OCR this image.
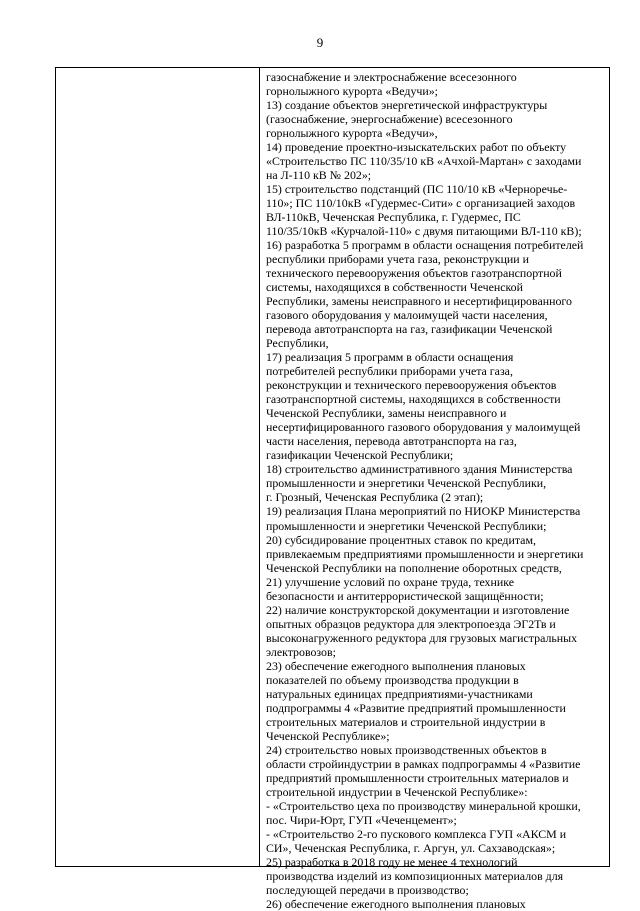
9
газоснабжение и электроснабжение всесезонного
горнолыжного курорта «Ведучи»;
13) создание объектов энергетической инфраструктуры
(газоснабжение, энергоснабжение) всесезонного
горнолыжного курорта «Ведучи»,
14) проведение проектно-изыскательских работ по объекту
«Строительство ПС 110/35/10 кВ «Ачхой-Мартан» с заходами
на Л-110 кВ № 202»;
15) строительство подстанций (ПС 110/10 кВ «Черноречье-
110»; ПС 110/10кВ «Гудермес-Сити» с организацией заходов
ВЛ-110кВ, Чеченская Республика, г. Гудермес, ПС
110/35/10кВ «Курчалой-110» с двумя питающими ВЛ-110 кВ);
16) разработка 5 программ в области оснащения потребителей
республики приборами учета газа, реконструкции и
технического перевооружения объектов газотранспортной
системы, находящихся в собственности Чеченской
Республики, замены неисправного и несертифицированного
газового оборудования у малоимущей части населения,
перевода автотранспорта на газ, газификации Чеченской
Республики,
17) реализация 5 программ в области оснащения
потребителей республики приборами учета газа,
реконструкции и технического перевооружения объектов
газотранспортной системы, находящихся в собственности
Чеченской Республики, замены неисправного и
несертифицированного газового оборудования у малоимущей
части населения, перевода автотранспорта на газ,
газификации Чеченской Республики;
18) строительство административного здания Министерства
промышленности и энергетики Чеченской Республики,
г. Грозный, Чеченская Республика (2 этап);
19) реализация Плана мероприятий по НИОКР Министерства
промышленности и энергетики Чеченской Республики;
20) субсидирование процентных ставок по кредитам,
привлекаемым предприятиями промышленности и энергетики
Чеченской Республики на пополнение оборотных средств,
21) улучшение условий по охране труда, технике
безопасности и антитеррористической защищённости;
22) наличие конструкторской документации и изготовление
опытных образцов редуктора для электропоезда ЭГ2Тв и
высоконагруженного редуктора для грузовых магистральных
электровозов;
23) обеспечение ежегодного выполнения плановых
показателей по объему производства продукции в
натуральных единицах предприятиями-участниками
подпрограммы 4 «Развитие предприятий промышленности
строительных материалов и строительной индустрии в
Чеченской Республике»;
24) строительство новых производственных объектов в
области стройиндустрии в рамках подпрограммы 4 «Развитие
предприятий промышленности строительных материалов и
строительной индустрии в Чеченской Республике»:
- «Строительство цеха по производству минеральной крошки,
пос. Чири-Юрт, ГУП «Чеченцемент»;
- «Строительство 2-го пускового комплекса ГУП «АКСМ и
СИ», Чеченская Республика, г. Аргун, ул. Сахзаводская»;
25) разработка в 2018 году не менее 4 технологий
производства изделий из композиционных материалов для
последующей передачи в производство;
26) обеспечение ежегодного выполнения плановых
